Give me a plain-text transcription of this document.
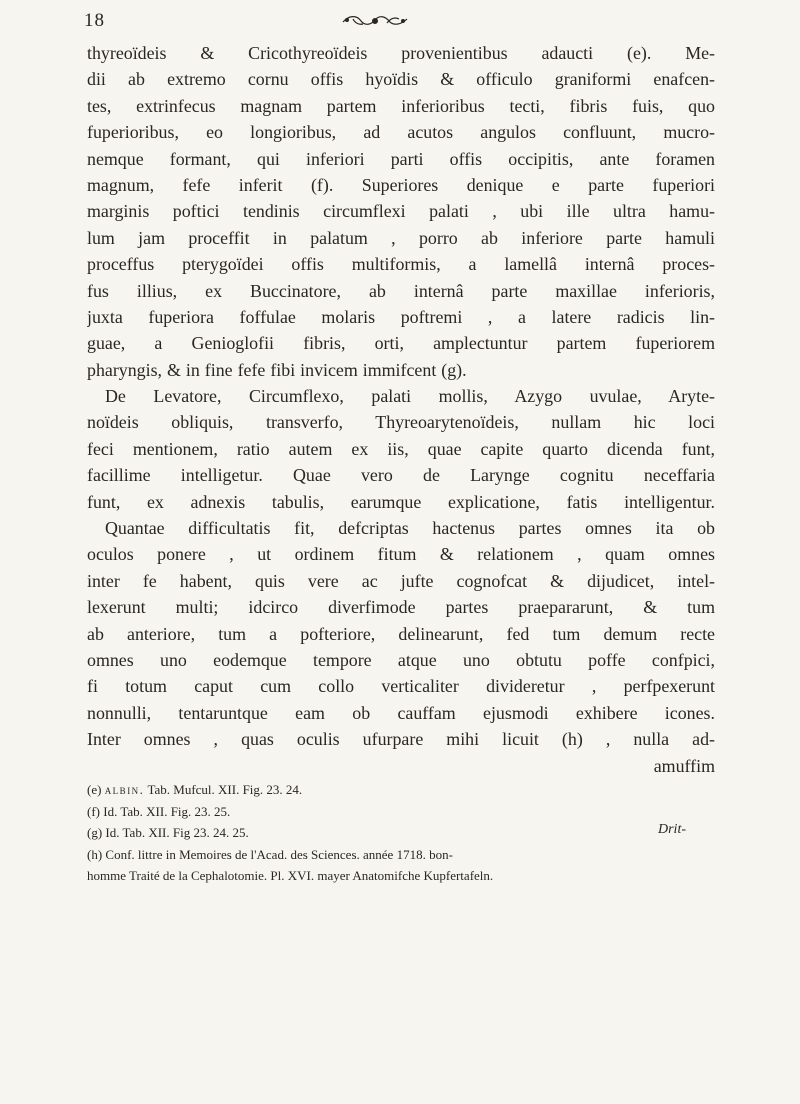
18
thyreoïdeis & Cricothyreoïdeis provenientibus adaucti (e). Me-
dii ab extremo cornu offis hyoïdis & officulo graniformi enafcen-
tes, extrinfecus magnam partem inferioribus tecti, fibris fuis, quo
fuperioribus, eo longioribus, ad acutos angulos confluunt, mucro-
nemque formant, qui inferiori parti offis occipitis, ante foramen
magnum, fefe inferit (f). Superiores denique e parte fuperiori
marginis poftici tendinis circumflexi palati , ubi ille ultra hamu-
lum jam proceffit in palatum , porro ab inferiore parte hamuli
proceffus pterygoïdei offis multiformis, a lamellâ internâ proces-
fus illius, ex Buccinatore, ab internâ parte maxillae inferioris,
juxta fuperiora foffulae molaris poftremi , a latere radicis lin-
guae, a Genioglofii fibris, orti, amplectuntur partem fuperiorem
pharyngis, & in fine fefe fibi invicem immifcent (g).
De Levatore, Circumflexo, palati mollis, Azygo uvulae, Aryte-
noïdeis obliquis, transverfo, Thyreoarytenoïdeis, nullam hic loci
feci mentionem, ratio autem ex iis, quae capite quarto dicenda funt,
facillime intelligetur. Quae vero de Larynge cognitu neceffaria
funt, ex adnexis tabulis, earumque explicatione, fatis intelligentur.
Quantae difficultatis fit, defcriptas hactenus partes omnes ita ob
oculos ponere , ut ordinem fitum & relationem , quam omnes
inter fe habent, quis vere ac jufte cognofcat & dijudicet, intel-
lexerunt multi; idcirco diverfimode partes praepararunt, & tum
ab anteriore, tum a pofteriore, delinearunt, fed tum demum recte
omnes uno eodemque tempore atque uno obtutu poffe confpici,
fi totum caput cum collo verticaliter divideretur , perfpexerunt
nonnulli, tentaruntque eam ob cauffam ejusmodi exhibere icones.
Inter omnes , quas oculis ufurpare mihi licuit (h) , nulla ad-
amuffim
(e) albin. Tab. Mufcul. XII. Fig. 23. 24.
(f) Id. Tab. XII. Fig. 23. 25.
(g) Id. Tab. XII. Fig 23. 24. 25.
(h) Conf. littre in Memoires de l'Acad. des Sciences. année 1718. bon-
homme Traité de la Cephalotomie. Pl. XVI. mayer Anatomifche Kupfertafeln.
Drit-
